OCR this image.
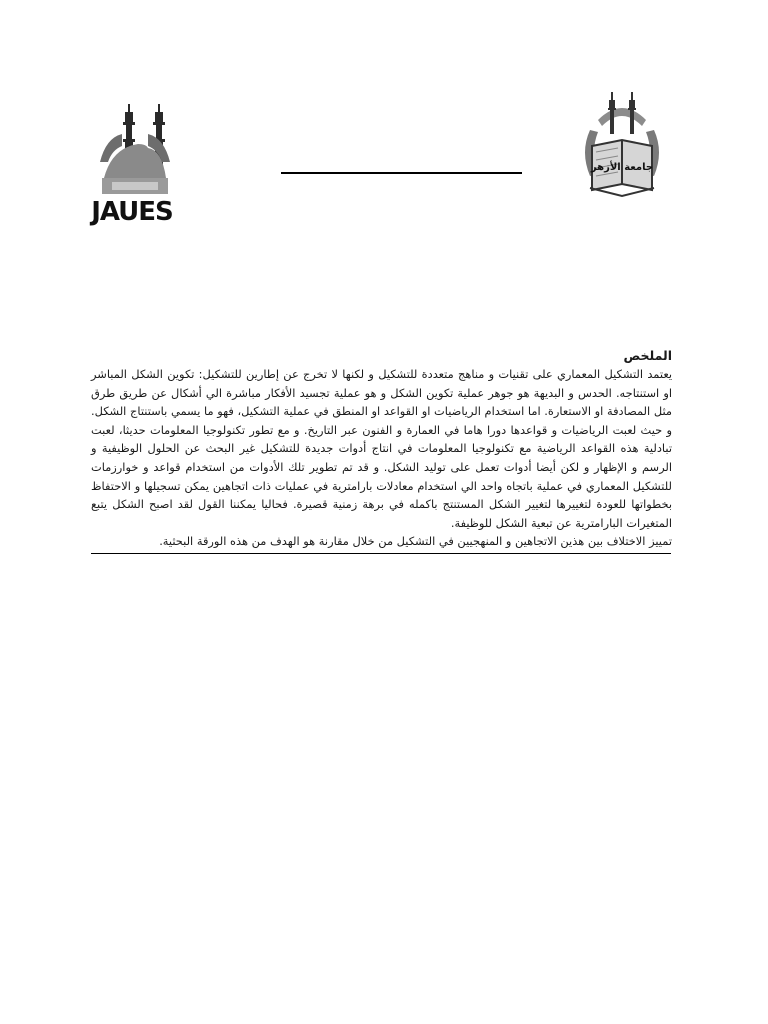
JAUES
جامعة الأزهر

الملخص

يعتمد التشكيل المعماري على تقنيات و مناهج متعددة للتشكيل و لكنها لا تخرج عن إطارين للتشكيل: تكوين الشكل المباشر او استنتاجه. الحدس و البديهة هو جوهر عملية تكوين الشكل و هو عملية تجسيد الأفكار مباشرة الي أشكال عن طريق طرق مثل المصادفة او الاستعارة. اما استخدام الرياضيات او القواعد او المنطق في عملية التشكيل، فهو ما يسمي باستنتاج الشكل. و حيث لعبت الرياضيات و قواعدها دورا هاما في العمارة و الفنون عبر التاريخ. و مع تطور تكنولوجيا المعلومات حديثا، لعبت تبادلية هذه القواعد الرياضية مع تكنولوجيا المعلومات في انتاج أدوات جديدة للتشكيل غير البحث عن الحلول الوظيفية و الرسم و الإظهار و لكن أيضا أدوات تعمل على توليد الشكل. و قد تم تطوير تلك الأدوات من استخدام قواعد و خوارزمات للتشكيل المعماري في عملية باتجاه واحد الي استخدام معادلات بارامترية في عمليات ذات اتجاهين يمكن تسجيلها و الاحتفاظ بخطواتها للعودة لتغييرها لتغيير الشكل المستنتج باكمله في برهة زمنية قصيرة. فحاليا يمكننا القول لقد اصبح الشكل يتبع المتغيرات البارامترية عن تبعية الشكل للوظيفة.

تمييز الاختلاف بين هذين الاتجاهين و المنهجيين في التشكيل من خلال مقارنة هو الهدف من هذه الورقة البحثية.
